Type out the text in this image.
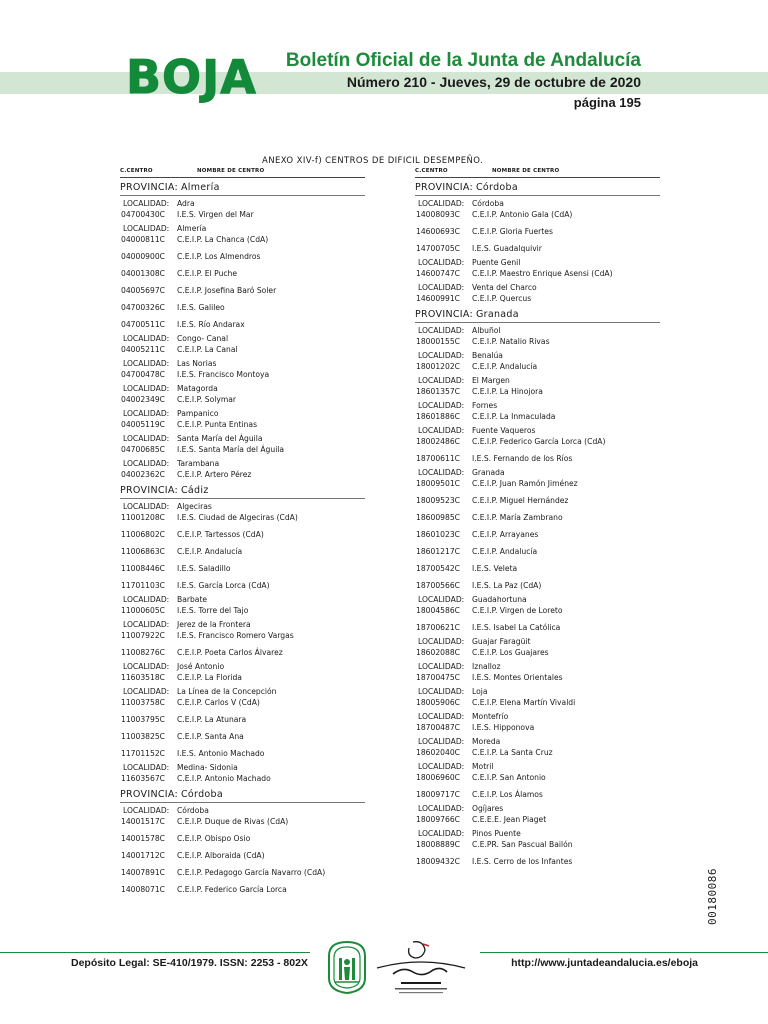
BOJA Boletín Oficial de la Junta de Andalucía
Número 210 - Jueves, 29 de octubre de 2020
página 195
ANEXO XIV-f) CENTROS DE DIFICIL DESEMPEÑO.
C.CENTRO	NOMBRE DE CENTRO
PROVINCIA: Almería
LOCALIDAD: Adra
04700430C I.E.S. Virgen del Mar
LOCALIDAD: Almería
04000811C C.E.I.P. La Chanca (CdA)
04000900C C.E.I.P. Los Almendros
04001308C C.E.I.P. El Puche
04005697C C.E.I.P. Josefina Baró Soler
04700326C I.E.S. Galileo
04700511C I.E.S. Río Andarax
LOCALIDAD: Congo- Canal
04005211C C.E.I.P. La Canal
LOCALIDAD: Las Norias
04700478C I.E.S. Francisco Montoya
LOCALIDAD: Matagorda
04002349C C.E.I.P. Solymar
LOCALIDAD: Pampanico
04005119C C.E.I.P. Punta Entinas
LOCALIDAD: Santa María del Águila
04700685C I.E.S. Santa María del Águila
LOCALIDAD: Tarambana
04002362C C.E.I.P. Artero Pérez
PROVINCIA: Cádiz
LOCALIDAD: Algeciras
11001208C I.E.S. Ciudad de Algeciras (CdA)
11006802C C.E.I.P. Tartessos (CdA)
11006863C C.E.I.P. Andalucía
11008446C I.E.S. Saladillo
11701103C I.E.S. García Lorca (CdA)
LOCALIDAD: Barbate
11000605C I.E.S. Torre del Tajo
LOCALIDAD: Jerez de la Frontera
11007922C I.E.S. Francisco Romero Vargas
11008276C C.E.I.P. Poeta Carlos Álvarez
LOCALIDAD: José Antonio
11603518C C.E.I.P. La Florida
LOCALIDAD: La Línea de la Concepción
11003758C C.E.I.P. Carlos V (CdA)
11003795C C.E.I.P. La Atunara
11003825C C.E.I.P. Santa Ana
11701152C I.E.S. Antonio Machado
LOCALIDAD: Medina- Sidonia
11603567C C.E.I.P. Antonio Machado
PROVINCIA: Córdoba
LOCALIDAD: Córdoba
14001517C C.E.I.P. Duque de Rivas (CdA)
14001578C C.E.I.P. Obispo Osio
14001712C C.E.I.P. Alboraida (CdA)
14007891C C.E.I.P. Pedagogo García Navarro (CdA)
14008071C C.E.I.P. Federico García Lorca
C.CENTRO	NOMBRE DE CENTRO
PROVINCIA: Córdoba
LOCALIDAD: Córdoba
14008093C C.E.I.P. Antonio Gala (CdA)
14600693C C.E.I.P. Gloria Fuertes
14700705C I.E.S. Guadalquivir
LOCALIDAD: Puente Genil
14600747C C.E.I.P. Maestro Enrique Asensi (CdA)
LOCALIDAD: Venta del Charco
14600991C C.E.I.P. Quercus
PROVINCIA: Granada
LOCALIDAD: Albuñol
18000155C C.E.I.P. Natalio Rivas
LOCALIDAD: Benalúa
18001202C C.E.I.P. Andalucía
LOCALIDAD: El Margen
18601357C C.E.I.P. La Hinojora
LOCALIDAD: Fornes
18601886C C.E.I.P. La Inmaculada
LOCALIDAD: Fuente Vaqueros
18002486C C.E.I.P. Federico García Lorca (CdA)
18700611C I.E.S. Fernando de los Ríos
LOCALIDAD: Granada
18009501C C.E.I.P. Juan Ramón Jiménez
18009523C C.E.I.P. Miguel Hernández
18600985C C.E.I.P. María Zambrano
18601023C C.E.I.P. Arrayanes
18601217C C.E.I.P. Andalucía
18700542C I.E.S. Veleta
18700566C I.E.S. La Paz (CdA)
LOCALIDAD: Guadahortuna
18004586C C.E.I.P. Virgen de Loreto
18700621C I.E.S. Isabel La Católica
LOCALIDAD: Guajar Faragüit
18602088C C.E.I.P. Los Guajares
LOCALIDAD: Iznalloz
18700475C I.E.S. Montes Orientales
LOCALIDAD: Loja
18005906C C.E.I.P. Elena Martín Vivaldi
LOCALIDAD: Montefrío
18700487C I.E.S. Hipponova
LOCALIDAD: Moreda
18602040C C.E.I.P. La Santa Cruz
LOCALIDAD: Motril
18006960C C.E.I.P. San Antonio
18009717C C.E.I.P. Los Álamos
LOCALIDAD: Ogíjares
18009766C C.E.E.E. Jean Piaget
LOCALIDAD: Pinos Puente
18008889C C.E.PR. San Pascual Bailón
18009432C I.E.S. Cerro de los Infantes
00180086
Depósito Legal: SE-410/1979. ISSN: 2253 - 802X	http://www.juntadeandalucia.es/eboja
